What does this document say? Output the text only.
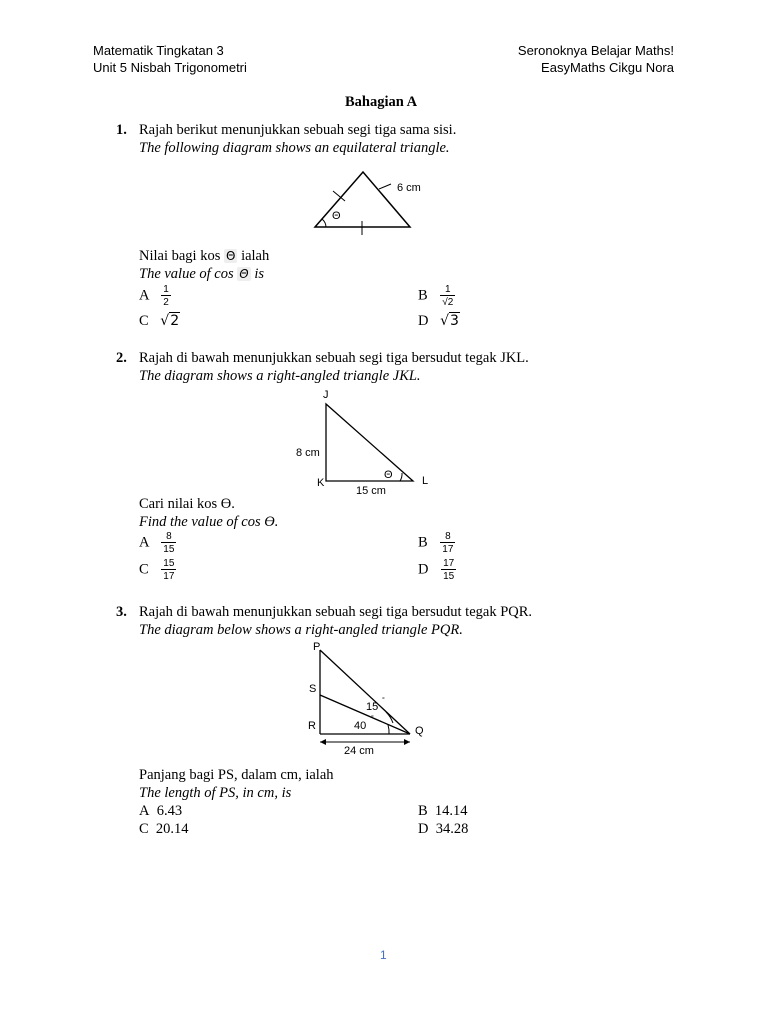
Matematik Tingkatan 3
Unit 5 Nisbah Trigonometri
Seronoknya Belajar Maths!
EasyMaths Cikgu Nora
Bahagian A
1. Rajah berikut menunjukkan sebuah segi tiga sama sisi.
The following diagram shows an equilateral triangle.
Θ
6 cm
Nilai bagi kos Θ ialah
The value of cos Θ is
A $\frac{1}{2}$	B $\frac{1}{√2}$
C √2	D √3
2. Rajah di bawah menunjukkan sebuah segi tiga bersudut tegak JKL.
The diagram shows a right-angled triangle JKL.
J
K	L
8 cm
15 cm
Θ
Cari nilai kos ϴ.
Find the value of cos ϴ.
A $\frac{8}{15}$	B $\frac{8}{17}$
C $\frac{15}{17}$	D $\frac{17}{15}$
3. Rajah di bawah menunjukkan sebuah segi tiga bersudut tegak PQR.
The diagram below shows a right-angled triangle PQR.
P
S
R	Q
15
°
40
°
24 cm
Panjang bagi PS, dalam cm, ialah
The length of PS, in cm, is
A 6.43	B 14.14
C 20.14	D 34.28
1
